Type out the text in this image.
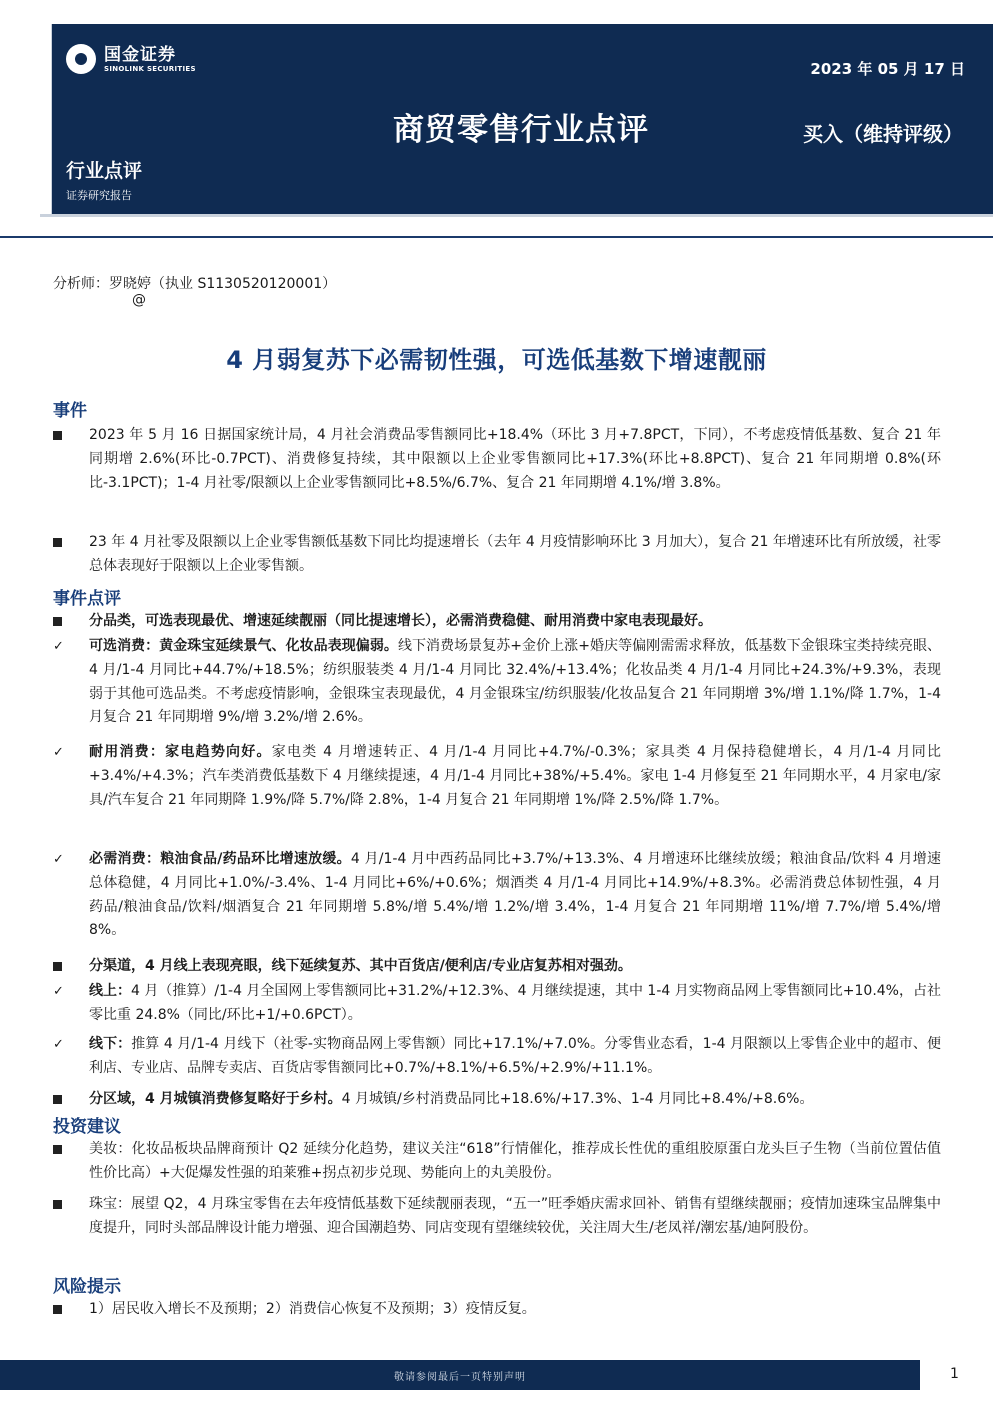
国金证券
SINOLINK SECURITIES	2023 年 05 月 17 日
商贸零售行业点评	买入（维持评级）
行业点评
证券研究报告
分析师：罗晓婷（执业 S1130520120001）
@
4 月弱复苏下必需韧性强，可选低基数下增速靓丽
事件
2023 年 5 月 16 日据国家统计局，4 月社会消费品零售额同比+18.4%（环比 3 月+7.8PCT，下同），不考虑疫情低基数、复合 21 年同期增 2.6%(环比-0.7PCT)、消费修复持续，其中限额以上企业零售额同比+17.3%(环比+8.8PCT)、复合 21 年同期增 0.8%(环比-3.1PCT)；1-4 月社零/限额以上企业零售额同比+8.5%/6.7%、复合 21 年同期增 4.1%/增 3.8%。
23 年 4 月社零及限额以上企业零售额低基数下同比均提速增长（去年 4 月疫情影响环比 3 月加大），复合 21 年增速环比有所放缓，社零总体表现好于限额以上企业零售额。
事件点评
分品类，可选表现最优、增速延续靓丽（同比提速增长），必需消费稳健、耐用消费中家电表现最好。
✓	可选消费：黄金珠宝延续景气、化妆品表现偏弱。线下消费场景复苏+金价上涨+婚庆等偏刚需需求释放，低基数下金银珠宝类持续亮眼、4 月/1-4 月同比+44.7%/+18.5%；纺织服装类 4 月/1-4 月同比 32.4%/+13.4%；化妆品类 4 月/1-4 月同比+24.3%/+9.3%，表现弱于其他可选品类。不考虑疫情影响，金银珠宝表现最优，4 月金银珠宝/纺织服装/化妆品复合 21 年同期增 3%/增 1.1%/降 1.7%，1-4 月复合 21 年同期增 9%/增 3.2%/增 2.6%。
✓	耐用消费：家电趋势向好。家电类 4 月增速转正、4 月/1-4 月同比+4.7%/-0.3%；家具类 4 月保持稳健增长，4 月/1-4 月同比+3.4%/+4.3%；汽车类消费低基数下 4 月继续提速，4 月/1-4 月同比+38%/+5.4%。家电 1-4 月修复至 21 年同期水平，4 月家电/家具/汽车复合 21 年同期降 1.9%/降 5.7%/降 2.8%，1-4 月复合 21 年同期增 1%/降 2.5%/降 1.7%。
✓	必需消费：粮油食品/药品环比增速放缓。4 月/1-4 月中西药品同比+3.7%/+13.3%、4 月增速环比继续放缓；粮油食品/饮料 4 月增速总体稳健，4 月同比+1.0%/-3.4%、1-4 月同比+6%/+0.6%；烟酒类 4 月/1-4 月同比+14.9%/+8.3%。必需消费总体韧性强，4 月药品/粮油食品/饮料/烟酒复合 21 年同期增 5.8%/增 5.4%/增 1.2%/增 3.4%，1-4 月复合 21 年同期增 11%/增 7.7%/增 5.4%/增 8%。
分渠道，4 月线上表现亮眼，线下延续复苏、其中百货店/便利店/专业店复苏相对强劲。
✓	线上：4 月（推算）/1-4 月全国网上零售额同比+31.2%/+12.3%、4 月继续提速，其中 1-4 月实物商品网上零售额同比+10.4%，占社零比重 24.8%（同比/环比+1/+0.6PCT）。
✓	线下：推算 4 月/1-4 月线下（社零-实物商品网上零售额）同比+17.1%/+7.0%。分零售业态看，1-4 月限额以上零售企业中的超市、便利店、专业店、品牌专卖店、百货店零售额同比+0.7%/+8.1%/+6.5%/+2.9%/+11.1%。
分区域，4 月城镇消费修复略好于乡村。4 月城镇/乡村消费品同比+18.6%/+17.3%、1-4 月同比+8.4%/+8.6%。
投资建议
美妆：化妆品板块品牌商预计 Q2 延续分化趋势，建议关注“618”行情催化，推荐成长性优的重组胶原蛋白龙头巨子生物（当前位置估值性价比高）+大促爆发性强的珀莱雅+拐点初步兑现、势能向上的丸美股份。
珠宝：展望 Q2，4 月珠宝零售在去年疫情低基数下延续靓丽表现，“五一”旺季婚庆需求回补、销售有望继续靓丽；疫情加速珠宝品牌集中度提升，同时头部品牌设计能力增强、迎合国潮趋势、同店变现有望继续较优，关注周大生/老凤祥/潮宏基/迪阿股份。
风险提示
1）居民收入增长不及预期；2）消费信心恢复不及预期；3）疫情反复。
敬请参阅最后一页特别声明	1
